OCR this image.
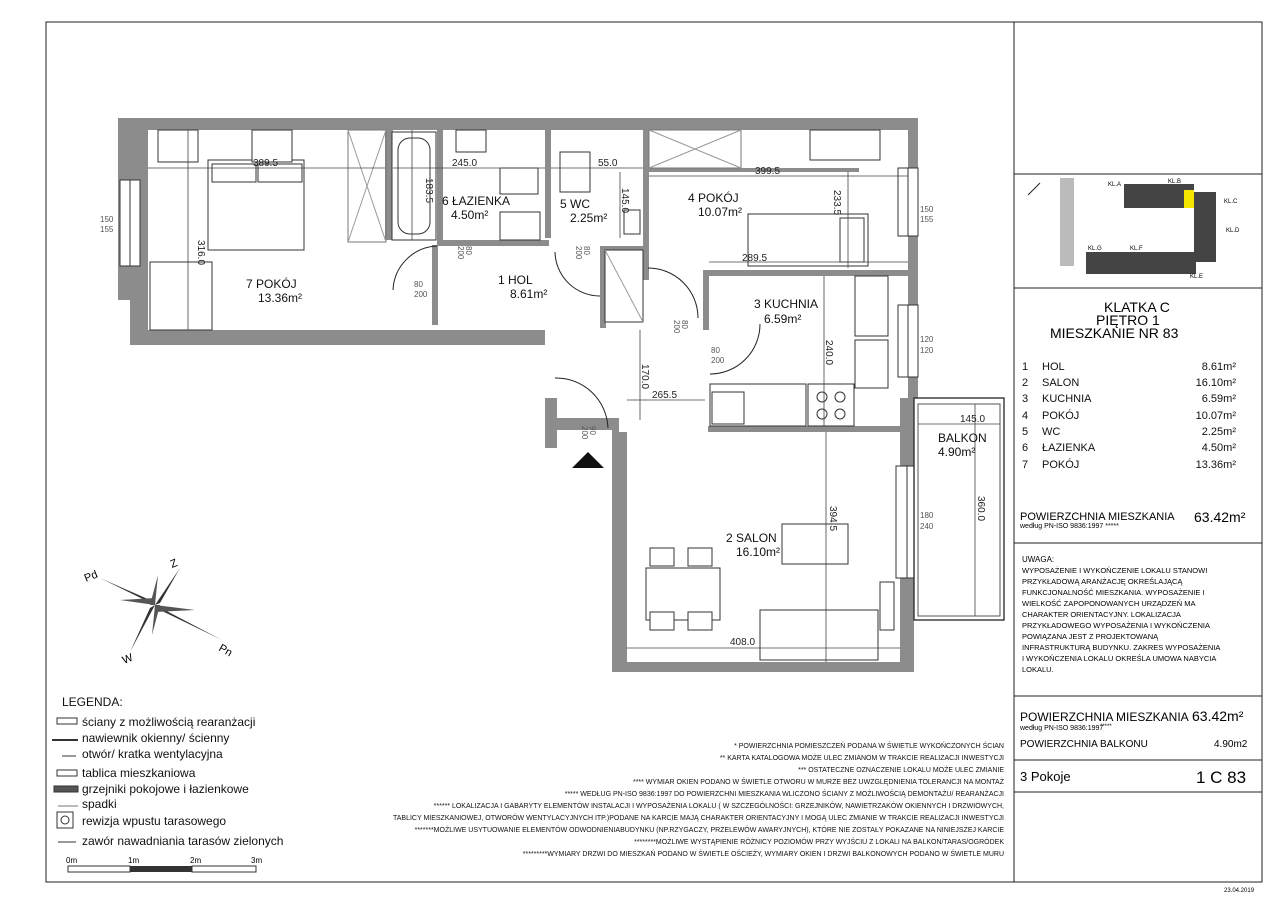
389.5	245.0	55.0
399.5
316.0
183.5	145.0	233.5
289.5
240.0
170.0
265.5
145.0
394.5	360.0
408.0
150
155
150
155
120
120
180
240
80
200
80
200
80
200	80
200
80
200
90
200
7 POKÓJ
13.36m²
6 ŁAZIENKA
4.50m²
5 WC
2.25m²
4 POKÓJ
10.07m²
1 HOL
8.61m²
3 KUCHNIA
6.59m²
2 SALON
16.10m²
BALKON
4.90m²
Pd
Z
Pn
W
LEGENDA:
ściany z możliwością rearanżacji
nawiewnik okienny/ ścienny
otwór/ kratka wentylacyjna
tablica mieszkaniowa
grzejniki pokojowe i łazienkowe
spadki
rewizja wpustu tarasowego
zawór nawadniania tarasów zielonych
0m	1m	2m	3m
* POWIERZCHNIA POMIESZCZEŃ PODANA W ŚWIETLE WYKOŃCZONYCH ŚCIAN
** KARTA KATALOGOWA MOŻE ULEC ZMIANOM W TRAKCIE REALIZACJI INWESTYCJI
*** OSTATECZNE OZNACZENIE LOKALU MOŻE ULEC ZMIANIE
**** WYMIAR OKIEN PODANO W ŚWIETLE OTWORU W MURZE BEZ UWZGLĘDNIENIA TOLERANCJI NA MONTAŻ
***** WEDŁUG PN-ISO 9836:1997 DO POWIERZCHNI MIESZKANIA WLICZONO ŚCIANY Z MOŻLIWOŚCIĄ DEMONTAŻU/ REARANŻACJI
****** LOKALIZACJA I GABARYTY ELEMENTÓW INSTALACJI I WYPOSAŻENIA LOKALU ( W SZCZEGÓLNOŚCI: GRZEJNIKÓW, NAWIETRZAKÓW OKIENNYCH I DRZWIOWYCH,
TABLICY MIESZKANIOWEJ, OTWORÓW WENTYLACYJNYCH ITP.)PODANE NA KARCIE MAJĄ CHARAKTER ORIENTACYJNY I MOGĄ ULEC ZMIANIE W TRAKCIE REALIZACJI INWESTYCJI
*******MOŻLIWE USYTUOWANIE ELEMENTÓW ODWODNIENIABUDYNKU (NP.RZYGACZY, PRZELEWÓW AWARYJNYCH), KTÓRE NIE ZOSTAŁY POKAZANE NA NINIEJSZEJ KARCIE
********MOŻLIWE WYSTĄPIENIE RÓŻNICY POZIOMÓW PRZY WYJŚCIU Z LOKALI NA BALKON/TARAS/OGRÓDEK
*********WYMIARY DRZWI DO MIESZKAŃ PODANO W ŚWIETLE OŚCIEŻY, WYMIARY OKIEN I DRZWI BALKONOWYCH PODANO W ŚWIETLE MURU
KL.A	KL.B
KL.C
KL.D
KL.G	KL.F
KL.E
KLATKA C
PIĘTRO 1
MIESZKANIE NR 83
1 HOL	8.61m²
2 SALON	16.10m²
3 KUCHNIA	6.59m²
4 POKÓJ	10.07m²
5 WC	2.25m²
6 ŁAZIENKA	4.50m²
7 POKÓJ	13.36m²
POWIERZCHNIA MIESZKANIA
według PN-ISO 9836:1997 *****
63.42m²
UWAGA:
WYPOSAŻENIE I WYKOŃCZENIE LOKALU STANOWI
PRZYKŁADOWĄ ARANŻACJĘ OKREŚLAJĄCĄ
FUNKCJONALNOŚĆ MIESZKANIA. WYPOSAŻENIE I
WIELKOŚĆ ZAPOPONOWANYCH URZĄDZEŃ MA
CHARAKTER ORIENTACYJNY. LOKALIZACJA
PRZYKŁADOWEGO WYPOSAŻENIA I WYKOŃCZENIA
POWIĄZANA JEST Z PROJEKTOWANĄ
INFRASTRUKTURĄ BUDYNKU. ZAKRES WYPOSAŻENIA
I WYKOŃCZENIA LOKALU OKREŚLA UMOWA NABYCIA
LOKALU.
POWIERZCHNIA MIESZKANIA 63.42m²
według PN-ISO 9836:1997
*****
POWIERZCHNIA BALKONU	4.90m2
3 Pokoje	1 C 83
23.04.2019
